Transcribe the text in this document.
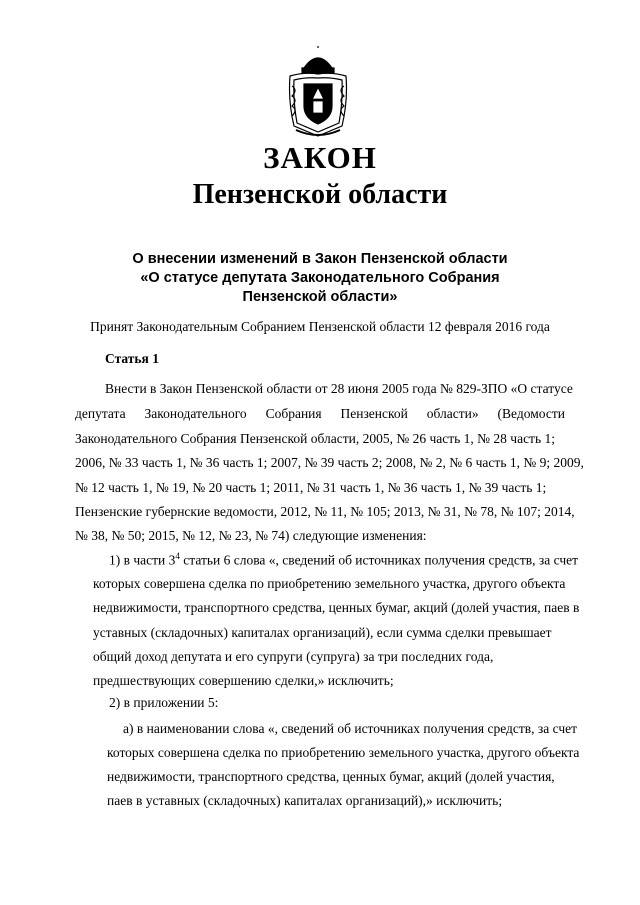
ЗАКОН
Пензенской области
О внесении изменений в Закон Пензенской области
«О статусе депутата Законодательного Собрания
Пензенской области»
Принят Законодательным Собранием Пензенской области 12 февраля 2016 года
Статья 1
Внести в Закон Пензенской области от 28 июня 2005 года № 829-ЗПО «О статусе
депутата Законодательного Собрания Пензенской области» (Ведомости
Законодательного Собрания Пензенской области, 2005, № 26 часть 1, № 28 часть 1;
2006, № 33 часть 1, № 36 часть 1; 2007, № 39 часть 2; 2008, № 2, № 6 часть 1, № 9; 2009,
№ 12 часть 1, № 19, № 20 часть 1; 2011, № 31 часть 1, № 36 часть 1, № 39 часть 1;
Пензенские губернские ведомости, 2012, № 11, № 105; 2013, № 31, № 78, № 107; 2014,
№ 38, № 50; 2015, № 12, № 23, № 74) следующие изменения:
1) в части $3^4$ статьи 6 слова «, сведений об источниках получения средств, за счет
которых совершена сделка по приобретению земельного участка, другого объекта
недвижимости, транспортного средства, ценных бумаг, акций (долей участия, паев в
уставных (складочных) капиталах организаций), если сумма сделки превышает
общий доход депутата и его супруги (супруга) за три последних года,
предшествующих совершению сделки,» исключить;
2) в приложении 5:
а) в наименовании слова «, сведений об источниках получения средств, за счет
которых совершена сделка по приобретению земельного участка, другого объекта
недвижимости, транспортного средства, ценных бумаг, акций (долей участия,
паев в уставных (складочных) капиталах организаций),» исключить;
